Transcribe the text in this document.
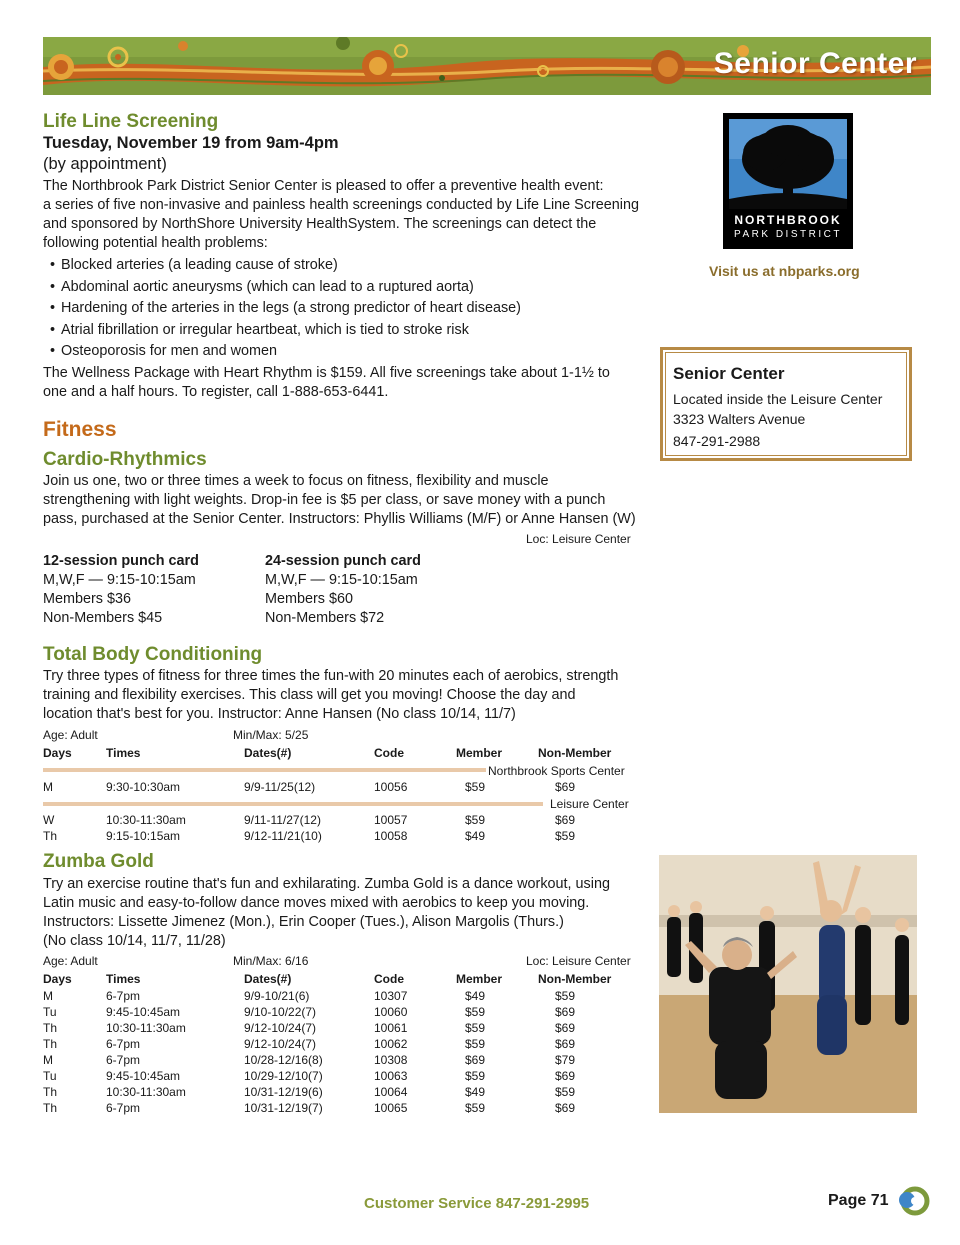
Senior Center
Life Line Screening
Tuesday, November 19 from 9am-4pm
(by appointment)
The Northbrook Park District Senior Center is pleased to offer a preventive health event:
a series of five non-invasive and painless health screenings conducted by Life Line Screening
and sponsored by NorthShore University HealthSystem. The screenings can detect the
following potential health problems:
• Blocked arteries (a leading cause of stroke)
• Abdominal aortic aneurysms (which can lead to a ruptured aorta)
• Hardening of the arteries in the legs (a strong predictor of heart disease)
• Atrial fibrillation or irregular heartbeat, which is tied to stroke risk
• Osteoporosis for men and women
The Wellness Package with Heart Rhythm is $159. All five screenings take about 1-1½ to
one and a half hours. To register, call 1-888-653-6441.
Fitness
Cardio-Rhythmics
Join us one, two or three times a week to focus on fitness, flexibility and muscle
strengthening with light weights. Drop-in fee is $5 per class, or save money with a punch
pass, purchased at the Senior Center. Instructors: Phyllis Williams (M/F) or Anne Hansen (W)
Loc: Leisure Center
12-session punch card
M,W,F — 9:15-10:15am
Members $36
Non-Members $45
24-session punch card
M,W,F — 9:15-10:15am
Members $60
Non-Members $72
Total Body Conditioning
Try three types of fitness for three times the fun-with 20 minutes each of aerobics, strength
training and flexibility exercises. This class will get you moving! Choose the day and
location that's best for you. Instructor: Anne Hansen (No class 10/14, 11/7)
Age: Adult	Min/Max: 5/25
Days	Times	Dates(#)	Code	Member	Non-Member
Northbrook Sports Center
M	9:30-10:30am	9/9-11/25(12)	10056	$59	$69
Leisure Center
W	10:30-11:30am	9/11-11/27(12)	10057	$59	$69
Th	9:15-10:15am	9/12-11/21(10)	10058	$49	$59
Zumba Gold
Try an exercise routine that's fun and exhilarating. Zumba Gold is a dance workout, using
Latin music and easy-to-follow dance moves mixed with aerobics to keep you moving.
Instructors: Lissette Jimenez (Mon.), Erin Cooper (Tues.), Alison Margolis (Thurs.)
(No class 10/14, 11/7, 11/28)
Age: Adult	Min/Max: 6/16	Loc: Leisure Center
Days	Times	Dates(#)	Code	Member	Non-Member
M	6-7pm	9/9-10/21(6)	10307	$49	$59
Tu	9:45-10:45am	9/10-10/22(7)	10060	$59	$69
Th	10:30-11:30am	9/12-10/24(7)	10061	$59	$69
Th	6-7pm	9/12-10/24(7)	10062	$59	$69
M	6-7pm	10/28-12/16(8)	10308	$69	$79
Tu	9:45-10:45am	10/29-12/10(7)	10063	$59	$69
Th	10:30-11:30am	10/31-12/19(6)	10064	$49	$59
Th	6-7pm	10/31-12/19(7)	10065	$59	$69
NORTHBROOK
PARK DISTRICT
Visit us at nbparks.org
Senior Center
Located inside the Leisure Center
3323 Walters Avenue
847-291-2988
Customer Service 847-291-2995	Page 71
